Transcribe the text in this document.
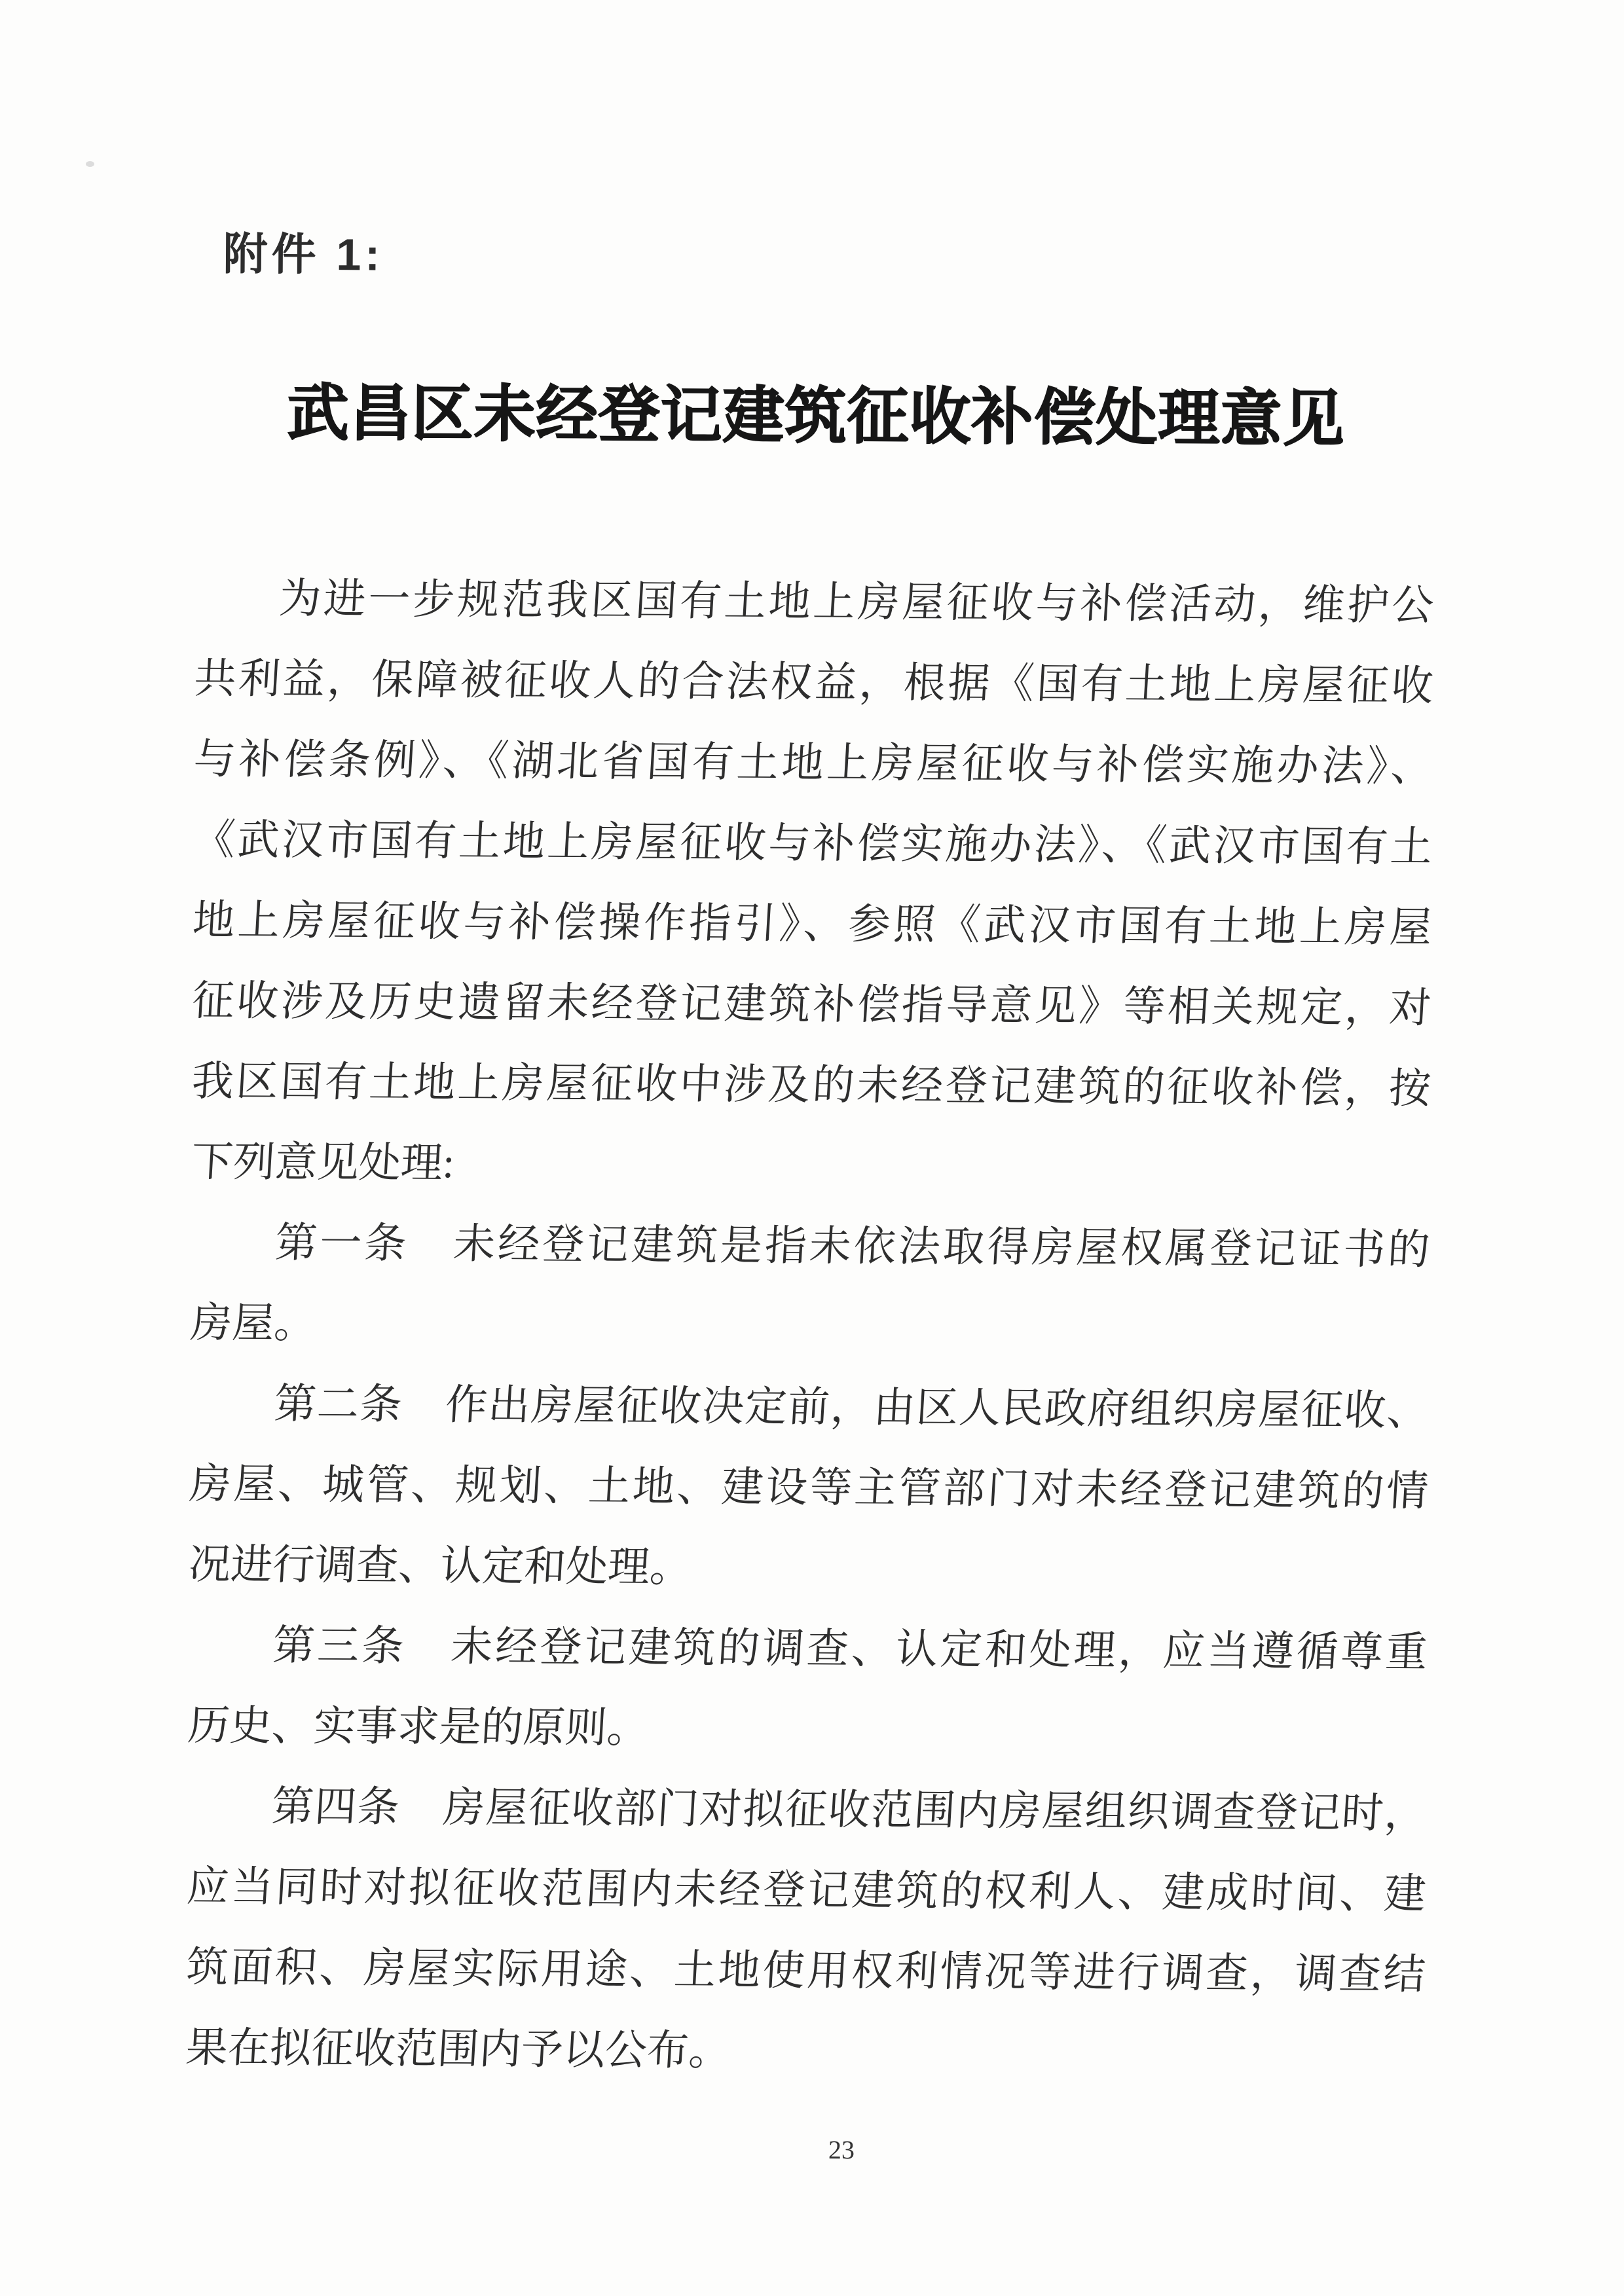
附件 1:
武昌区未经登记建筑征收补偿处理意见
为进一步规范我区国有土地上房屋征收与补偿活动，维护公
共利益，保障被征收人的合法权益，根据《国有土地上房屋征收
与补偿条例》、《湖北省国有土地上房屋征收与补偿实施办法》、
《武汉市国有土地上房屋征收与补偿实施办法》、《武汉市国有土
地上房屋征收与补偿操作指引》、参照《武汉市国有土地上房屋
征收涉及历史遗留未经登记建筑补偿指导意见》等相关规定，对
我区国有土地上房屋征收中涉及的未经登记建筑的征收补偿，按
下列意见处理:
第一条　未经登记建筑是指未依法取得房屋权属登记证书的
房屋。
第二条　作出房屋征收决定前，由区人民政府组织房屋征收、
房屋、城管、规划、土地、建设等主管部门对未经登记建筑的情
况进行调查、认定和处理。
第三条　未经登记建筑的调查、认定和处理，应当遵循尊重
历史、实事求是的原则。
第四条　房屋征收部门对拟征收范围内房屋组织调查登记时，
应当同时对拟征收范围内未经登记建筑的权利人、建成时间、建
筑面积、房屋实际用途、土地使用权利情况等进行调查，调查结
果在拟征收范围内予以公布。
23
